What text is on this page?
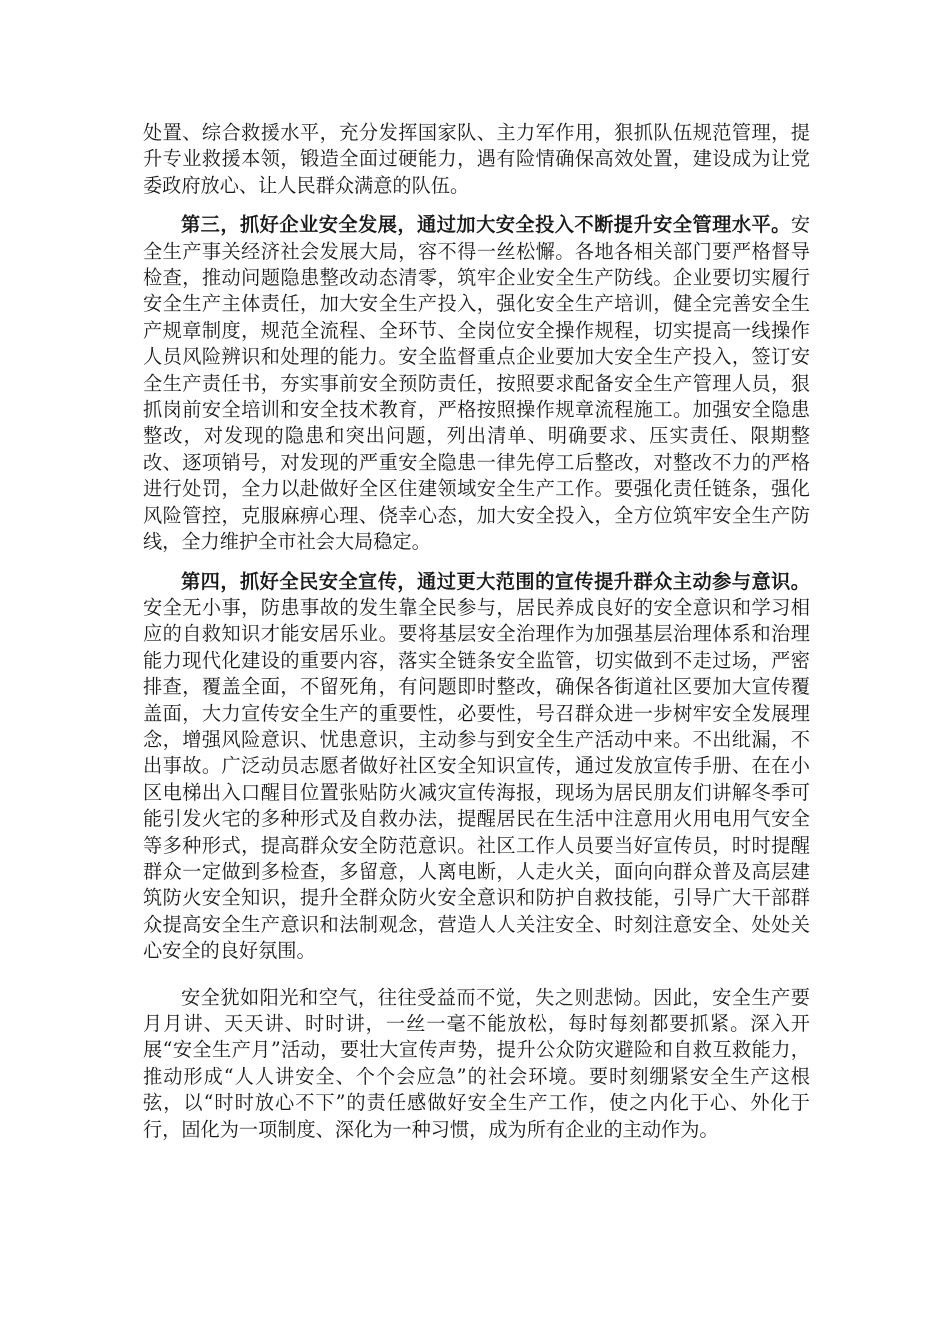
处置、综合救援水平，充分发挥国家队、主力军作用，狠抓队伍规范管理，提升专业救援本领，锻造全面过硬能力，遇有险情确保高效处置，建设成为让党委政府放心、让人民群众满意的队伍。

第三，抓好企业安全发展，通过加大安全投入不断提升安全管理水平。安全生产事关经济社会发展大局，容不得一丝松懈。各地各相关部门要严格督导检查，推动问题隐患整改动态清零，筑牢企业安全生产防线。企业要切实履行安全生产主体责任，加大安全生产投入，强化安全生产培训，健全完善安全生产规章制度，规范全流程、全环节、全岗位安全操作规程，切实提高一线操作人员风险辨识和处理的能力。安全监督重点企业要加大安全生产投入，签订安全生产责任书，夯实事前安全预防责任，按照要求配备安全生产管理人员，狠抓岗前安全培训和安全技术教育，严格按照操作规章流程施工。加强安全隐患整改，对发现的隐患和突出问题，列出清单、明确要求、压实责任、限期整改、逐项销号，对发现的严重安全隐患一律先停工后整改，对整改不力的严格进行处罚，全力以赴做好全区住建领域安全生产工作。要强化责任链条，强化风险管控，克服麻痹心理、侥幸心态，加大安全投入，全方位筑牢安全生产防线，全力维护全市社会大局稳定。

第四，抓好全民安全宣传，通过更大范围的宣传提升群众主动参与意识。安全无小事，防患事故的发生靠全民参与，居民养成良好的安全意识和学习相应的自救知识才能安居乐业。要将基层安全治理作为加强基层治理体系和治理能力现代化建设的重要内容，落实全链条安全监管，切实做到不走过场，严密排查，覆盖全面，不留死角，有问题即时整改，确保各街道社区要加大宣传覆盖面，大力宣传安全生产的重要性，必要性，号召群众进一步树牢安全发展理念，增强风险意识、忧患意识，主动参与到安全生产活动中来。不出纰漏，不出事故。广泛动员志愿者做好社区安全知识宣传，通过发放宣传手册、在在小区电梯出入口醒目位置张贴防火减灾宣传海报，现场为居民朋友们讲解冬季可能引发火宅的多种形式及自救办法，提醒居民在生活中注意用火用电用气安全等多种形式，提高群众安全防范意识。社区工作人员要当好宣传员，时时提醒群众一定做到多检查，多留意，人离电断，人走火关，面向向群众普及高层建筑防火安全知识，提升全群众防火安全意识和防护自救技能，引导广大干部群众提高安全生产意识和法制观念，营造人人关注安全、时刻注意安全、处处关心安全的良好氛围。

安全犹如阳光和空气，往往受益而不觉，失之则悲恸。因此，安全生产要月月讲、天天讲、时时讲，一丝一毫不能放松，每时每刻都要抓紧。深入开展“安全生产月”活动，要壮大宣传声势，提升公众防灾避险和自救互救能力，推动形成“人人讲安全、个个会应急”的社会环境。要时刻绷紧安全生产这根弦，以“时时放心不下”的责任感做好安全生产工作，使之内化于心、外化于行，固化为一项制度、深化为一种习惯，成为所有企业的主动作为。
